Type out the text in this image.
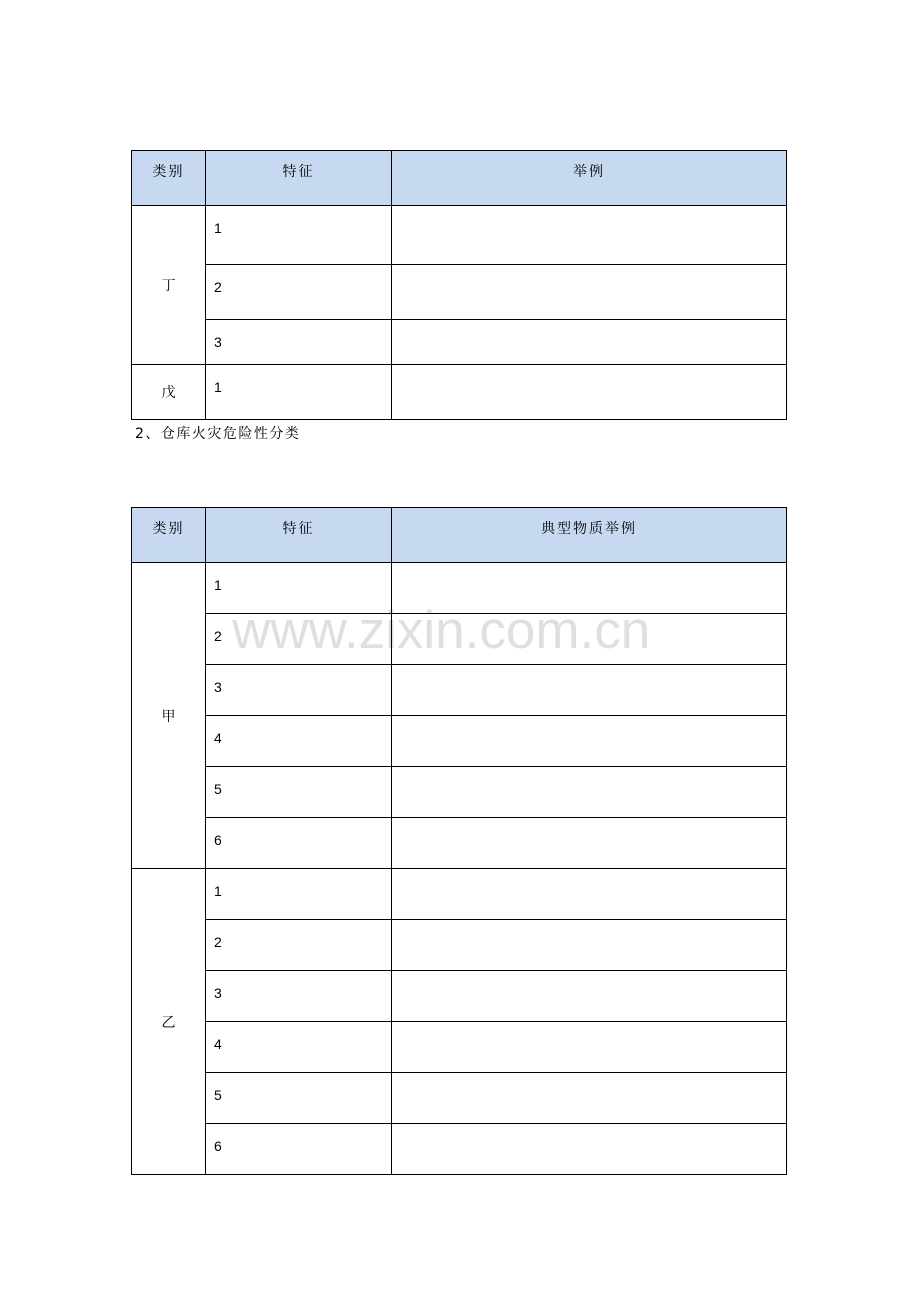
类别	特征	举例
丁	1	
	2	
	3	
戊	1	
2、仓库火灾危险性分类
类别	特征	典型物质举例
甲	1	
	2	
	3	
	4	
	5	
	6	
乙	1	
	2	
	3	
	4	
	5	
	6	
www.zixin.com.cn
